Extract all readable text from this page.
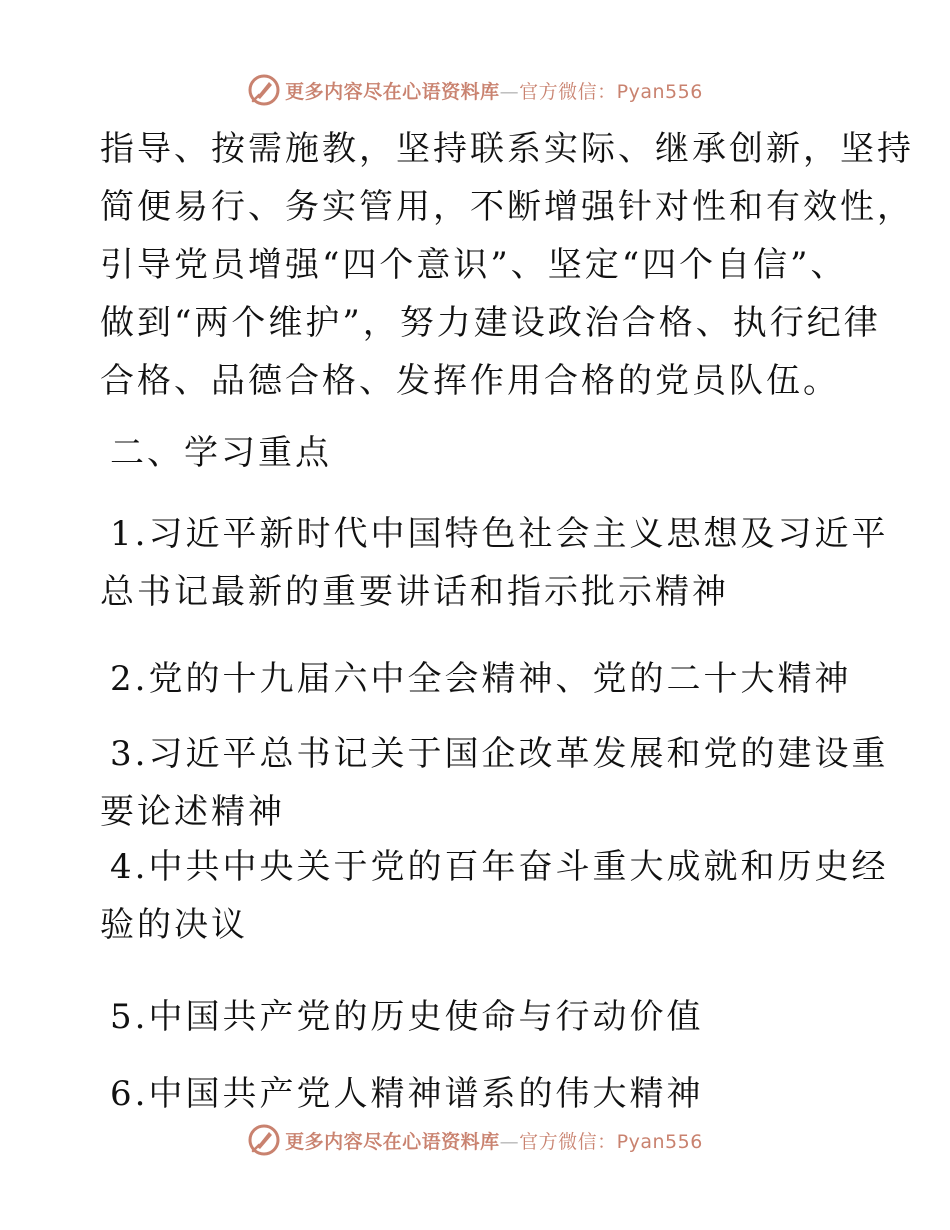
更多内容尽在心语资料库—官方微信：Pyan556

指导、按需施教，坚持联系实际、继承创新，坚持

简便易行、务实管用，不断增强针对性和有效性，

引导党员增强“四个意识”、坚定“四个自信”、

做到“两个维护”，努力建设政治合格、执行纪律

合格、品德合格、发挥作用合格的党员队伍。

二、学习重点

1.习近平新时代中国特色社会主义思想及习近平
总书记最新的重要讲话和指示批示精神
2.党的十九届六中全会精神、党的二十大精神
3.习近平总书记关于国企改革发展和党的建设重
要论述精神
4.中共中央关于党的百年奋斗重大成就和历史经
验的决议
5.中国共产党的历史使命与行动价值
6.中国共产党人精神谱系的伟大精神
更多内容尽在心语资料库—官方微信：Pyan556
